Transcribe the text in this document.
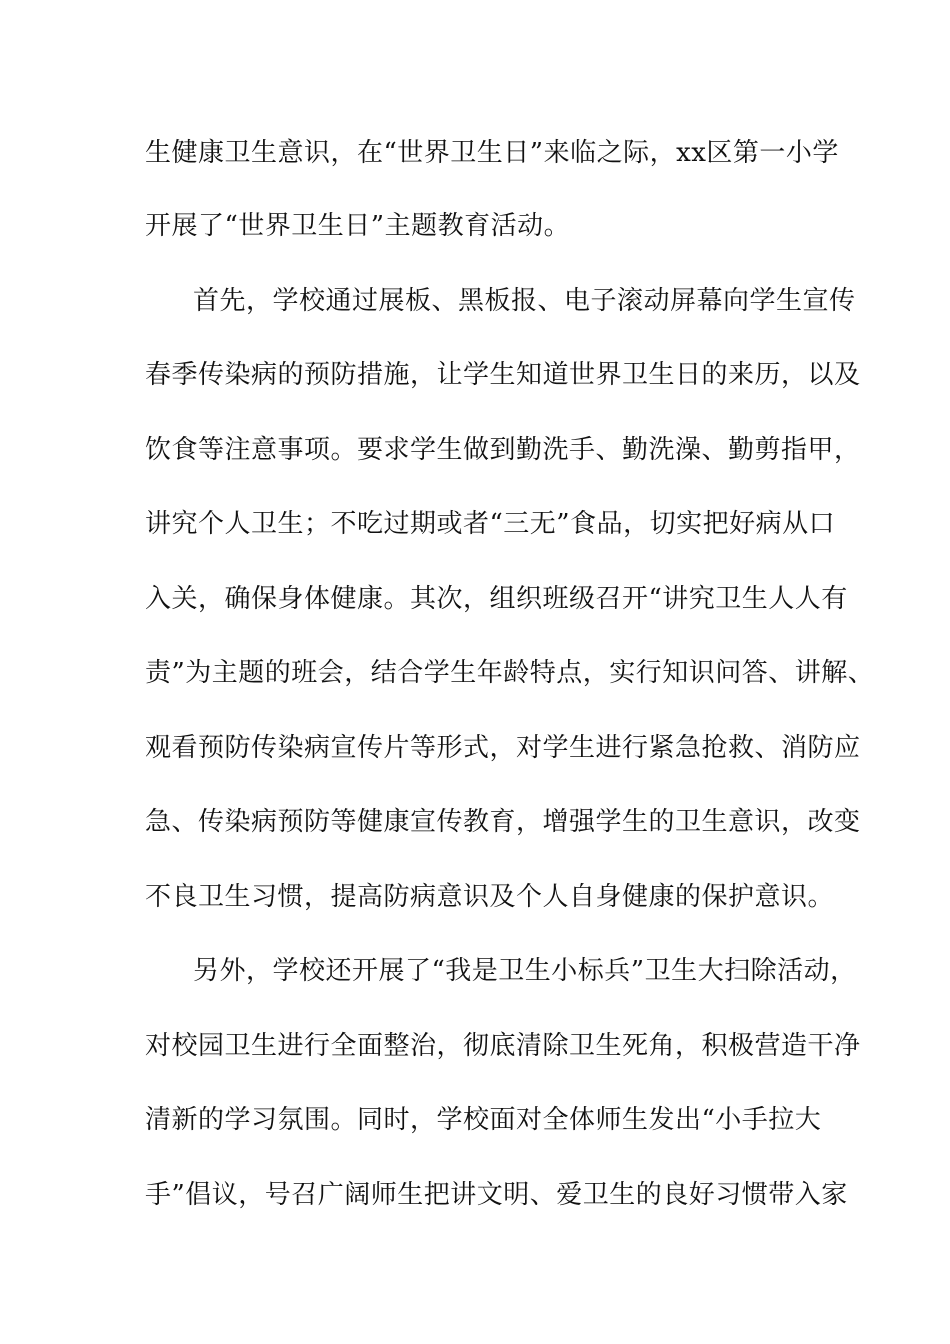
生健康卫生意识，在“世界卫生日”来临之际，xx区第一小学
开展了“世界卫生日”主题教育活动。
首先，学校通过展板、黑板报、电子滚动屏幕向学生宣传
春季传染病的预防措施，让学生知道世界卫生日的来历，以及
饮食等注意事项。要求学生做到勤洗手、勤洗澡、勤剪指甲，
讲究个人卫生；不吃过期或者“三无”食品，切实把好病从口
入关，确保身体健康。其次，组织班级召开“讲究卫生人人有
责”为主题的班会，结合学生年龄特点，实行知识问答、讲解、
观看预防传染病宣传片等形式，对学生进行紧急抢救、消防应
急、传染病预防等健康宣传教育，增强学生的卫生意识，改变
不良卫生习惯，提高防病意识及个人自身健康的保护意识。
另外，学校还开展了“我是卫生小标兵”卫生大扫除活动，
对校园卫生进行全面整治，彻底清除卫生死角，积极营造干净
清新的学习氛围。同时，学校面对全体师生发出“小手拉大
手”倡议，号召广阔师生把讲文明、爱卫生的良好习惯带入家
